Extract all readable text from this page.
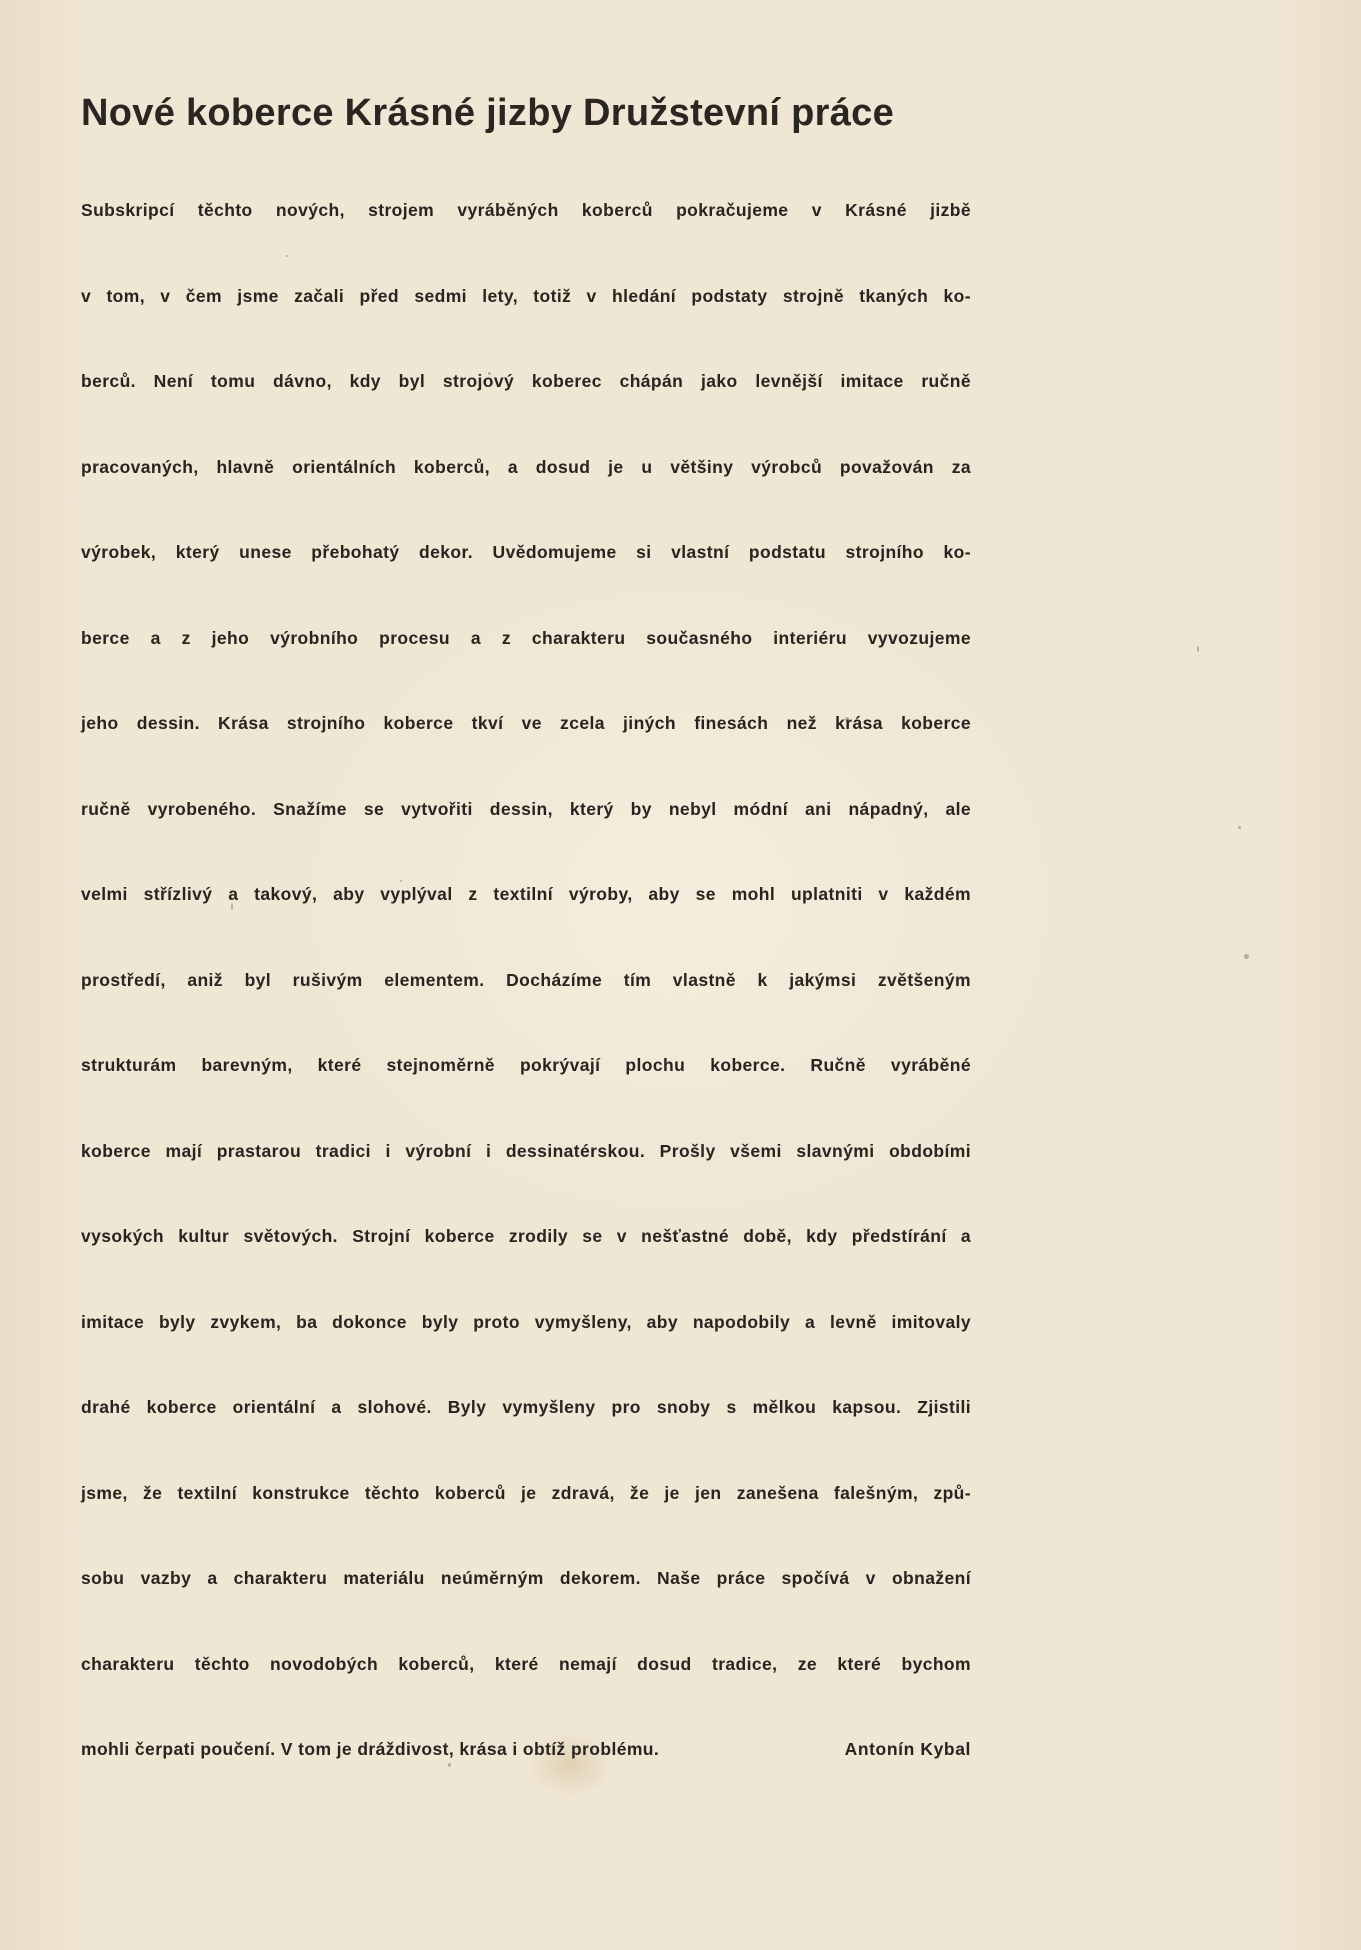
Nové koberce Krásné jizby Družstevní práce
Subskripcí těchto nových, strojem vyráběných koberců pokračujeme v Krásné jizbě
v tom, v čem jsme začali před sedmi lety, totiž v hledání podstaty strojně tkaných ko-
berců. Není tomu dávno, kdy byl strojový koberec chápán jako levnější imitace ručně
pracovaných, hlavně orientálních koberců, a dosud je u většiny výrobců považován za
výrobek, který unese přebohatý dekor. Uvědomujeme si vlastní podstatu strojního ko-
berce a z jeho výrobního procesu a z charakteru současného interiéru vyvozujeme
jeho dessin. Krása strojního koberce tkví ve zcela jiných finesách než krása koberce
ručně vyrobeného. Snažíme se vytvořiti dessin, který by nebyl módní ani nápadný, ale
velmi střízlivý a takový, aby vyplýval z textilní výroby, aby se mohl uplatniti v každém
prostředí, aniž byl rušivým elementem. Docházíme tím vlastně k jakýmsi zvětšeným
strukturám barevným, které stejnoměrně pokrývají plochu koberce. Ručně vyráběné
koberce mají prastarou tradici i výrobní i dessinatérskou. Prošly všemi slavnými obdobími
vysokých kultur světových. Strojní koberce zrodily se v nešťastné době, kdy předstírání a
imitace byly zvykem, ba dokonce byly proto vymyšleny, aby napodobily a levně imitovaly
drahé koberce orientální a slohové. Byly vymyšleny pro snoby s mělkou kapsou. Zjistili
jsme, že textilní konstrukce těchto koberců je zdravá, že je jen zanešena falešným, způ-
sobu vazby a charakteru materiálu neúměrným dekorem. Naše práce spočívá v obnažení
charakteru těchto novodobých koberců, které nemají dosud tradice, ze které bychom
mohli čerpati poučení. V tom je dráždivost, krása i obtíž problému.	Antonín Kybal
